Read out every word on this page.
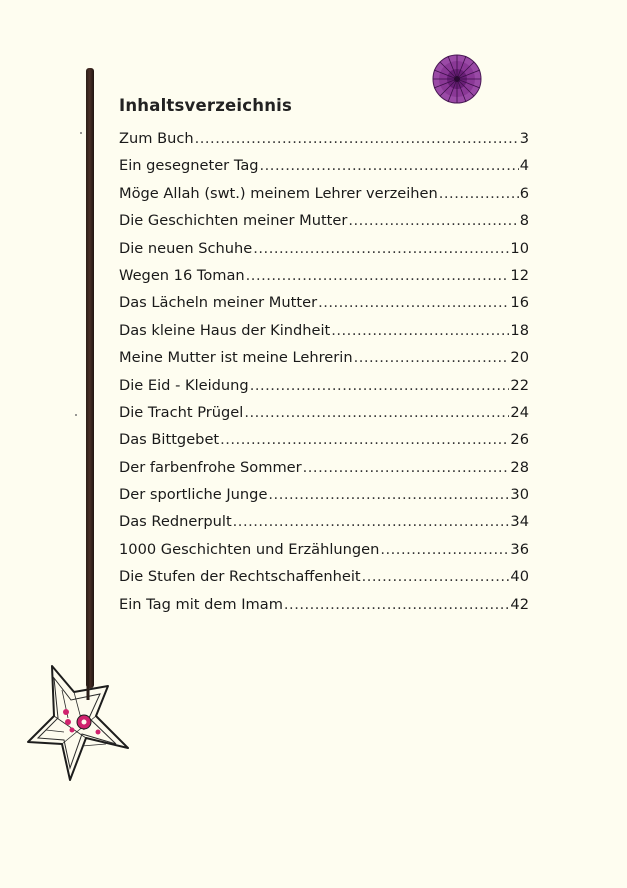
Inhaltsverzeichnis
Zum Buch .....	3
Ein gesegneter Tag .....	4
Möge Allah (swt.) meinem Lehrer verzeihen .....	6
Die Geschichten meiner Mutter .....	8
Die neuen Schuhe .....	10
Wegen 16 Toman .....	12
Das Lächeln meiner Mutter .....	16
Das kleine Haus der Kindheit .....	18
Meine Mutter ist meine Lehrerin .....	20
Die Eid - Kleidung .....	22
Die Tracht Prügel .....	24
Das Bittgebet .....	26
Der farbenfrohe Sommer .....	28
Der sportliche Junge .....	30
Das Rednerpult .....	34
1000 Geschichten und Erzählungen .....	36
Die Stufen der Rechtschaffenheit .....	40
Ein Tag mit dem Imam .....	42
